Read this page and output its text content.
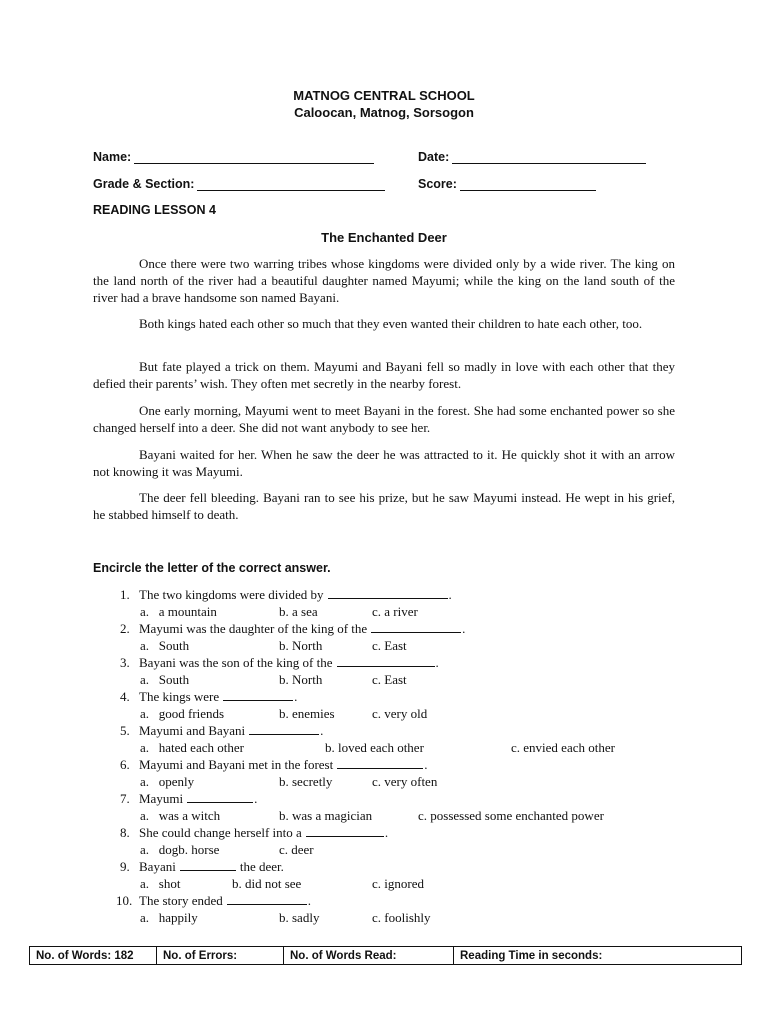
MATNOG CENTRAL SCHOOL
Caloocan, Matnog, Sorsogon
Name:	Date:
Grade & Section:	Score:
READING LESSON 4
The Enchanted Deer
Once there were two warring tribes whose kingdoms were divided only by a wide river. The king on the land north of the river had a beautiful daughter named Mayumi; while the king on the land south of the river had a brave handsome son named Bayani.
Both kings hated each other so much that they even wanted their children to hate each other, too.
But fate played a trick on them. Mayumi and Bayani fell so madly in love with each other that they defied their parents’ wish. They often met secretly in the nearby forest.
One early morning, Mayumi went to meet Bayani in the forest. She had some enchanted power so she changed herself into a deer. She did not want anybody to see her.
Bayani waited for her. When he saw the deer he was attracted to it. He quickly shot it with an arrow not knowing it was Mayumi.
The deer fell bleeding. Bayani ran to see his prize, but he saw Mayumi instead. He wept in his grief, he stabbed himself to death.
Encircle the letter of the correct answer.
1. The two kingdoms were divided by	.
a.   a mountain	b. a sea	c. a river
2. Mayumi was the daughter of the king of the	.
a.   South	b. North	c. East
3. Bayani was the son of the king of the	.
a.   South	b. North	c. East
4. The kings were	.
a.   good friends	b. enemies	c. very old
5. Mayumi and Bayani	.
a.   hated each other	b. loved each other	c. envied each other
6. Mayumi and Bayani met in the forest	.
a.   openly	b. secretly	c. very often
7. Mayumi	.
a.   was a witch	b. was a magician	c. possessed some enchanted power
8. She could change herself into a	.
a.   dogb. horse	c. deer
9. Bayani	the deer.
a.   shot	b. did not see	c. ignored
10. The story ended	.
a.   happily	b. sadly	c. foolishly
No. of Words: 182	No. of Errors:	No. of Words Read:	Reading Time in seconds:
